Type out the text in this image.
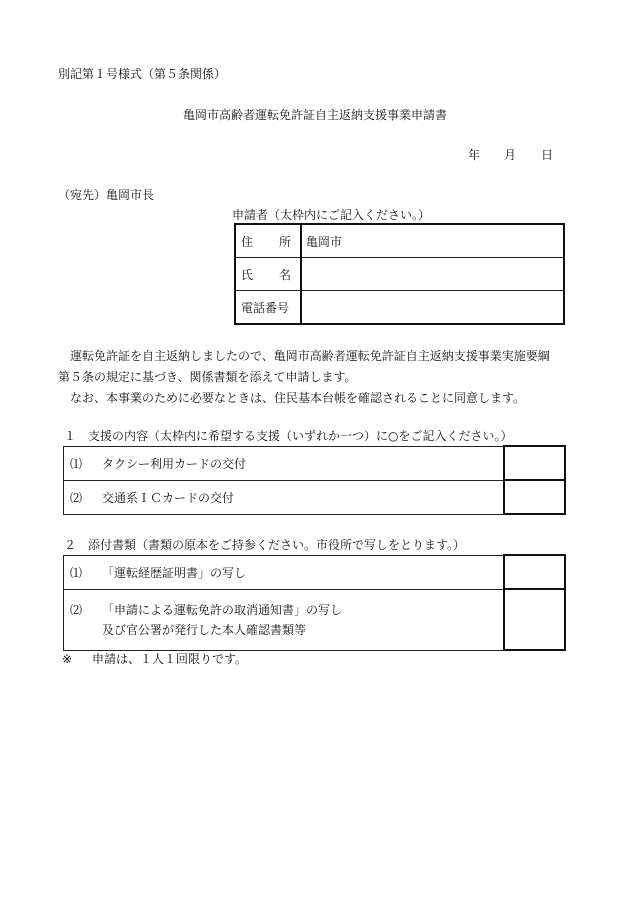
別記第１号様式（第５条関係）
亀岡市高齢者運転免許証自主返納支援事業申請書
年 月 日
（宛先）亀岡市長
申請者（太枠内にご記入ください。）
住 所	亀岡市

氏 名	

電話番号	

　運転免許証を自主返納しましたので、亀岡市高齢者運転免許証自主返納支援事業実施要綱

第５条の規定に基づき、関係書類を添えて申請します。

　なお、本事業のために必要なときは、住民基本台帳を確認されることに同意します。

１　支援の内容（太枠内に希望する支援（いずれか一つ）に○をご記入ください。）
⑴ タクシー利用カードの交付	
⑵ 交通系ＩＣカードの交付	
２　添付書類（書類の原本をご持参ください。市役所で写しをとります。）
⑴ 「運転経歴証明書」の写し	
⑵ 「申請による運転免許の取消通知書」の写し
及び官公署が発行した本人確認書類等	

※ 申請は、１人１回限りです。
